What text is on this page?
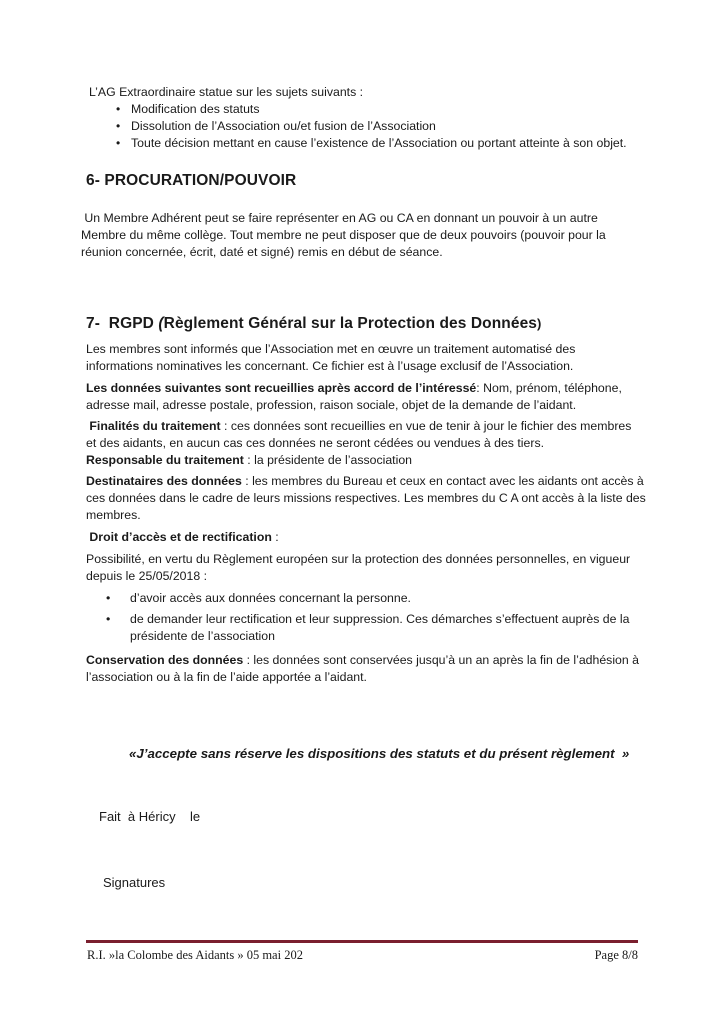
L’AG Extraordinaire statue sur les sujets suivants :
• Modification des statuts
• Dissolution de l’Association ou/et fusion de l’Association
• Toute décision mettant en cause l’existence de l’Association ou portant atteinte à son objet.
6- PROCURATION/POUVOIR
Un Membre Adhérent peut se faire représenter en AG ou CA en donnant un pouvoir à un autre
Membre du même collège. Tout membre ne peut disposer que de deux pouvoirs (pouvoir pour la
réunion concernée, écrit, daté et signé) remis en début de séance.
7-  RGPD (Règlement Général sur la Protection des Données)
Les membres sont informés que l’Association met en œuvre un traitement automatisé des
informations nominatives les concernant. Ce fichier est à l’usage exclusif de l’Association.
Les données suivantes sont recueillies après accord de l’intéressé: Nom, prénom, téléphone,
adresse mail, adresse postale, profession, raison sociale, objet de la demande de l’aidant.
Finalités du traitement : ces données sont recueillies en vue de tenir à jour le fichier des membres
et des aidants, en aucun cas ces données ne seront cédées ou vendues à des tiers.
Responsable du traitement : la présidente de l’association
Destinataires des données : les membres du Bureau et ceux en contact avec les aidants ont accès à
ces données dans le cadre de leurs missions respectives. Les membres du C A ont accès à la liste des
membres.
Droit d’accès et de rectification :
Possibilité, en vertu du Règlement européen sur la protection des données personnelles, en vigueur
depuis le 25/05/2018 :
• d’avoir accès aux données concernant la personne.
• de demander leur rectification et leur suppression. Ces démarches s’effectuent auprès de la
présidente de l’association
Conservation des données : les données sont conservées jusqu’à un an après la fin de l’adhésion à
l’association ou à la fin de l’aide apportée a l’aidant.
«J’accepte sans réserve les dispositions des statuts et du présent règlement  »
Fait à Héricy le
Signatures
R.I. »la Colombe des Aidants » 05 mai 202	Page 8/8
